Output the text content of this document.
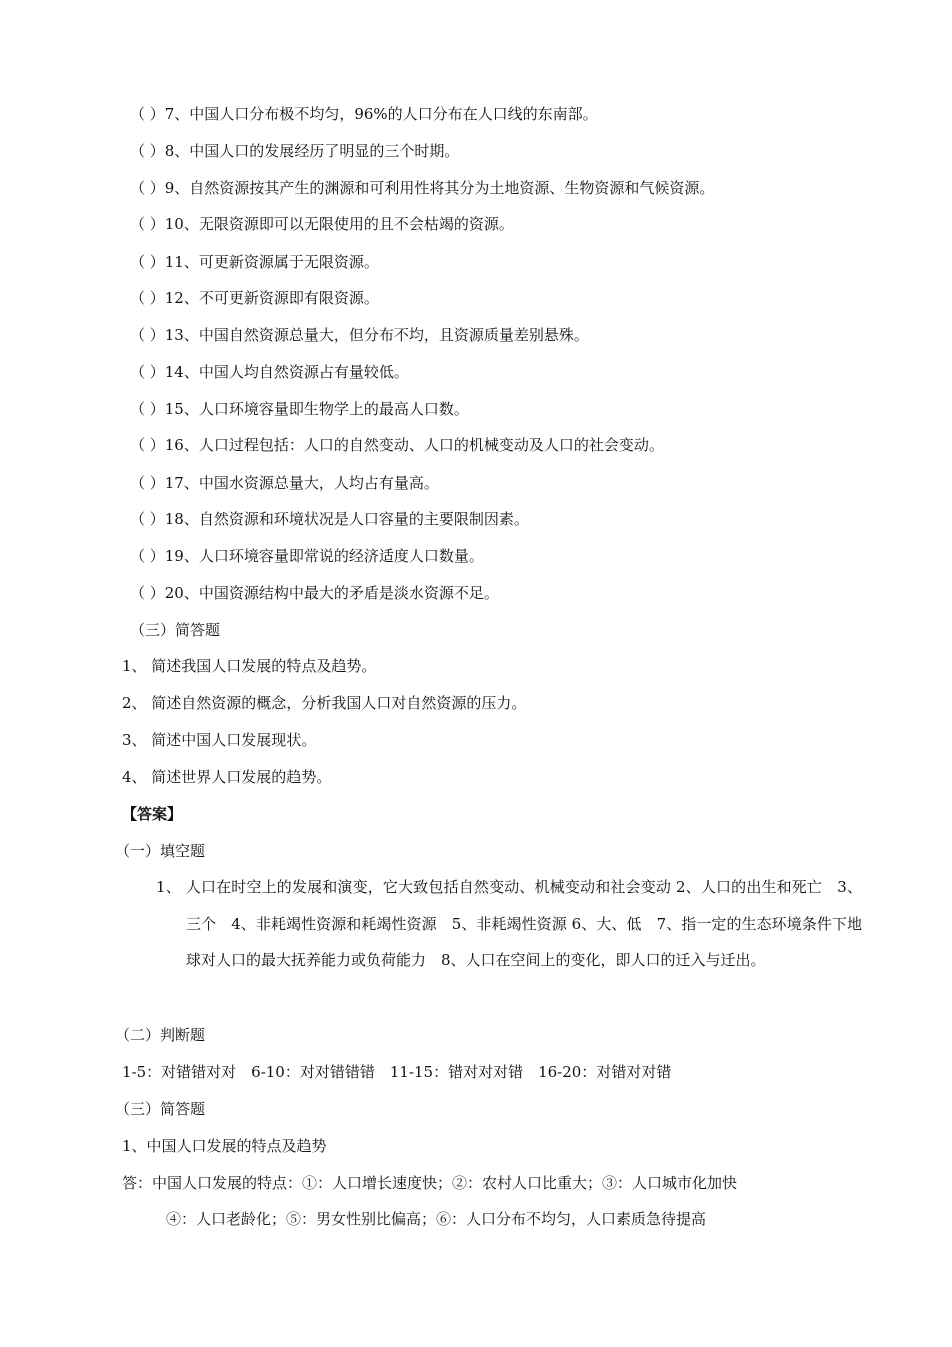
（ ）7、中国人口分布极不均匀，96%的人口分布在人口线的东南部。
（ ）8、中国人口的发展经历了明显的三个时期。
（ ）9、自然资源按其产生的渊源和可利用性将其分为土地资源、生物资源和气候资源。
（ ）10、无限资源即可以无限使用的且不会枯竭的资源。
（ ）11、可更新资源属于无限资源。
（ ）12、不可更新资源即有限资源。
（ ）13、中国自然资源总量大，但分布不均，且资源质量差别悬殊。
（ ）14、中国人均自然资源占有量较低。
（ ）15、人口环境容量即生物学上的最高人口数。
（ ）16、人口过程包括：人口的自然变动、人口的机械变动及人口的社会变动。
（ ）17、中国水资源总量大，人均占有量高。
（ ）18、自然资源和环境状况是人口容量的主要限制因素。
（ ）19、人口环境容量即常说的经济适度人口数量。
（ ）20、中国资源结构中最大的矛盾是淡水资源不足。
（三）简答题
1、 简述我国人口发展的特点及趋势。
2、 简述自然资源的概念，分析我国人口对自然资源的压力。
3、 简述中国人口发展现状。
4、 简述世界人口发展的趋势。
【答案】
（一）填空题
1、 人口在时空上的发展和演变，它大致包括自然变动、机械变动和社会变动 2、人口的出生和死亡　3、三个　4、非耗竭性资源和耗竭性资源　5、非耗竭性资源 6、大、低　7、指一定的生态环境条件下地球对人口的最大抚养能力或负荷能力　8、人口在空间上的变化，即人口的迁入与迁出。
（二）判断题
1-5：对错错对对　6-10：对对错错错　11-15：错对对对错　16-20：对错对对错
（三）简答题
1、中国人口发展的特点及趋势
答：中国人口发展的特点：①：人口增长速度快；②：农村人口比重大；③：人口城市化加快
④：人口老龄化；⑤：男女性别比偏高；⑥：人口分布不均匀，人口素质急待提高
